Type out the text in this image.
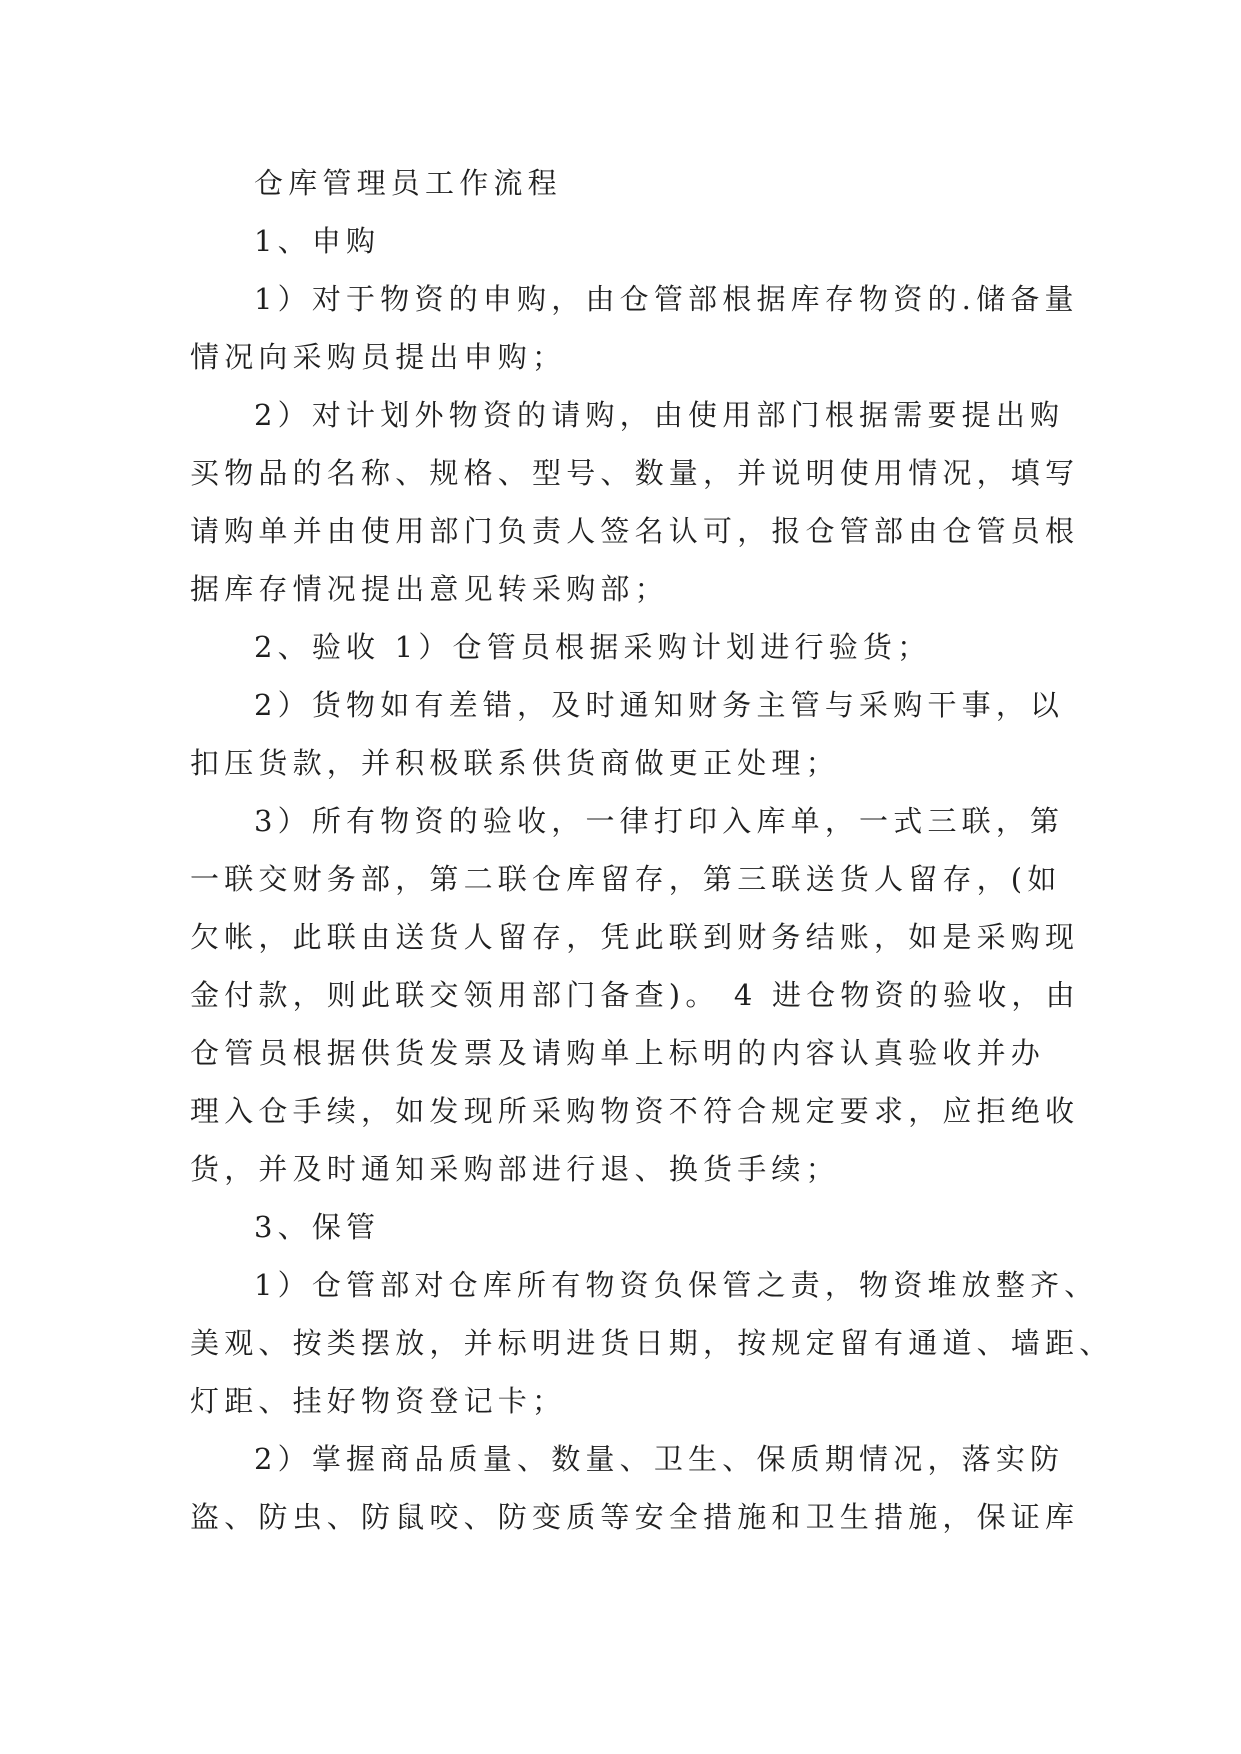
仓库管理员工作流程
1、申购
1）对于物资的申购，由仓管部根据库存物资的.储备量
情况向采购员提出申购；
2）对计划外物资的请购，由使用部门根据需要提出购
买物品的名称、规格、型号、数量，并说明使用情况，填写
请购单并由使用部门负责人签名认可，报仓管部由仓管员根
据库存情况提出意见转采购部；
2、验收 1）仓管员根据采购计划进行验货；
2）货物如有差错，及时通知财务主管与采购干事，以
扣压货款，并积极联系供货商做更正处理；
3）所有物资的验收，一律打印入库单，一式三联，第
一联交财务部，第二联仓库留存，第三联送货人留存，(如
欠帐，此联由送货人留存，凭此联到财务结账，如是采购现
金付款，则此联交领用部门备查)。 4 进仓物资的验收，由
仓管员根据供货发票及请购单上标明的内容认真验收并办
理入仓手续，如发现所采购物资不符合规定要求，应拒绝收
货，并及时通知采购部进行退、换货手续；
3、保管
1）仓管部对仓库所有物资负保管之责，物资堆放整齐、
美观、按类摆放，并标明进货日期，按规定留有通道、墙距、
灯距、挂好物资登记卡；
2）掌握商品质量、数量、卫生、保质期情况，落实防
盗、防虫、防鼠咬、防变质等安全措施和卫生措施，保证库
